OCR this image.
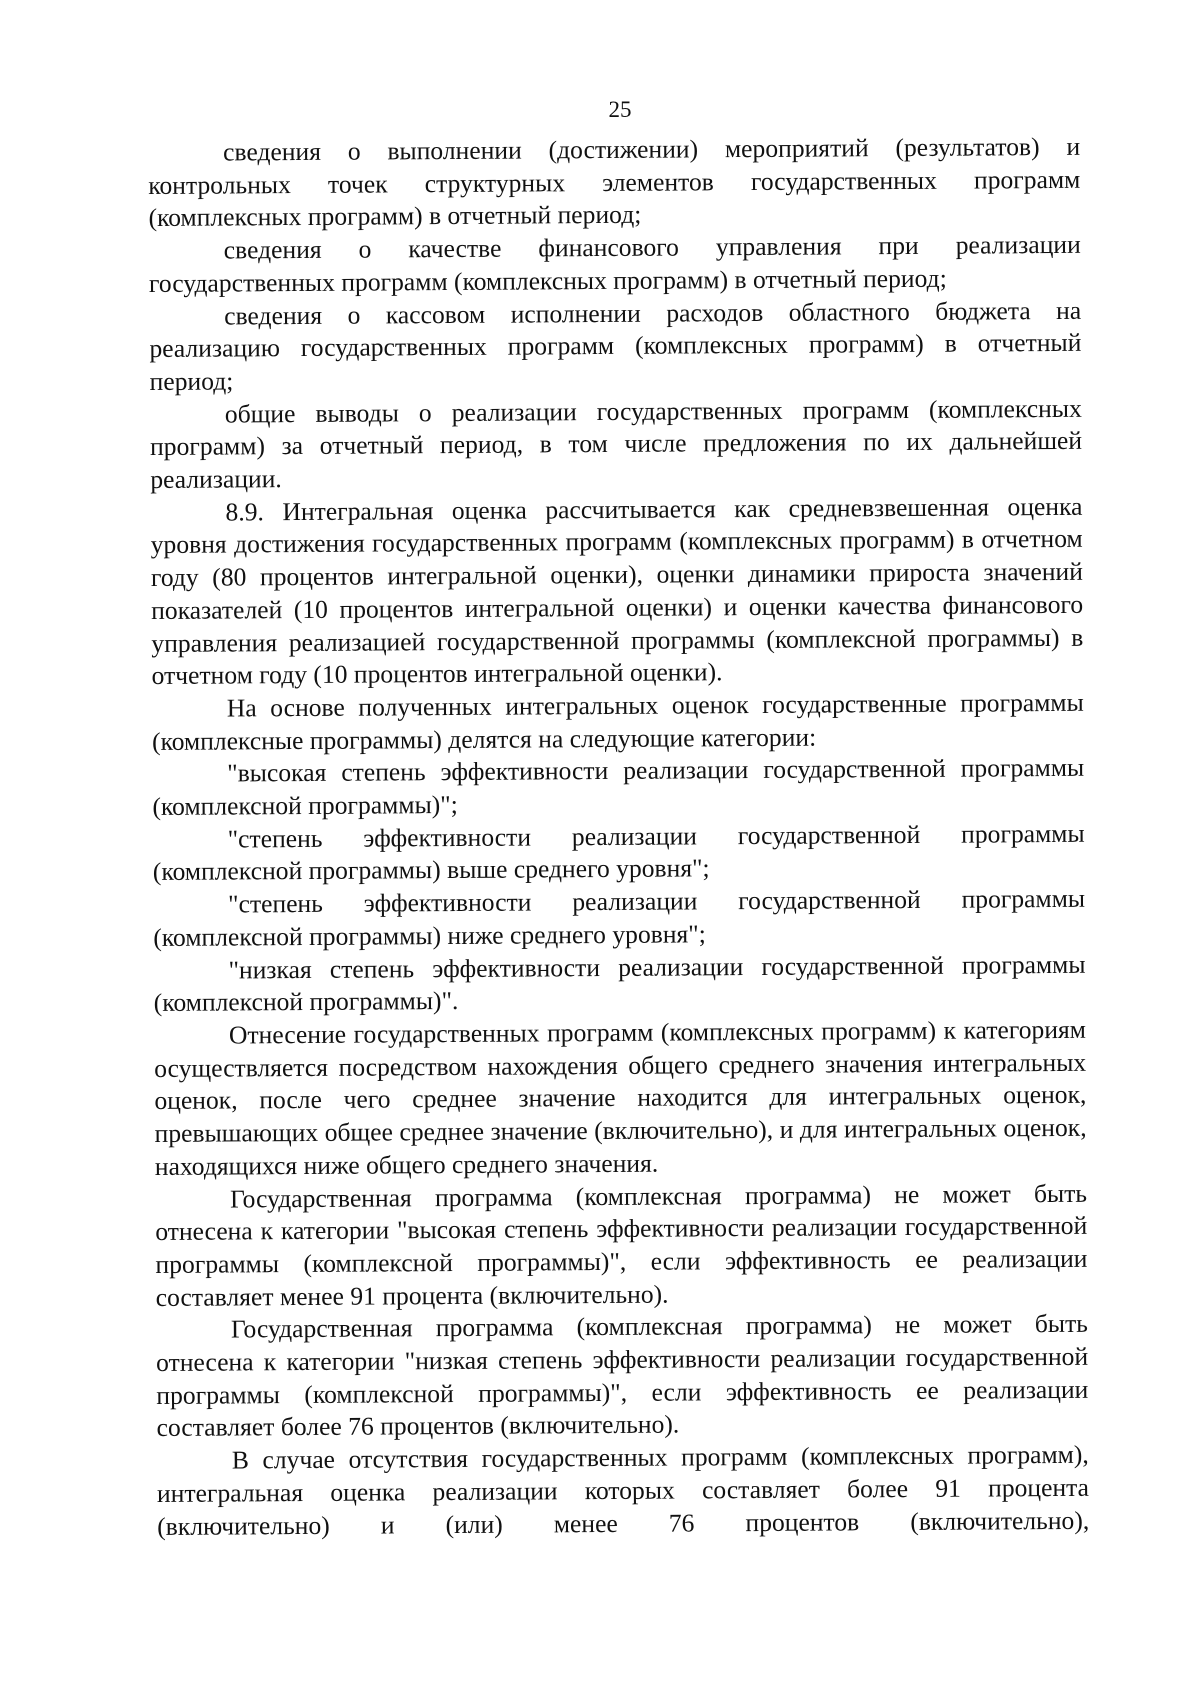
25

сведения о выполнении (достижении) мероприятий (результатов) и контрольных точек структурных элементов государственных программ (комплексных программ) в отчетный период;

сведения о качестве финансового управления при реализации государственных программ (комплексных программ) в отчетный период;

сведения о кассовом исполнении расходов областного бюджета на реализацию государственных программ (комплексных программ) в отчетный период;

общие выводы о реализации государственных программ (комплексных программ) за отчетный период, в том числе предложения по их дальнейшей реализации.

8.9. Интегральная оценка рассчитывается как средневзвешенная оценка уровня достижения государственных программ (комплексных программ) в отчетном году (80 процентов интегральной оценки), оценки динамики прироста значений показателей (10 процентов интегральной оценки) и оценки качества финансового управления реализацией государственной программы (комплексной программы) в отчетном году (10 процентов интегральной оценки).

На основе полученных интегральных оценок государственные программы (комплексные программы) делятся на следующие категории:

"высокая степень эффективности реализации государственной программы (комплексной программы)";

"степень эффективности реализации государственной программы (комплексной программы) выше среднего уровня";

"степень эффективности реализации государственной программы (комплексной программы) ниже среднего уровня";

"низкая степень эффективности реализации государственной программы (комплексной программы)".

Отнесение государственных программ (комплексных программ) к категориям осуществляется посредством нахождения общего среднего значения интегральных оценок, после чего среднее значение находится для интегральных оценок, превышающих общее среднее значение (включительно), и для интегральных оценок, находящихся ниже общего среднего значения.

Государственная программа (комплексная программа) не может быть отнесена к категории "высокая степень эффективности реализации государственной программы (комплексной программы)", если эффективность ее реализации составляет менее 91 процента (включительно).

Государственная программа (комплексная программа) не может быть отнесена к категории "низкая степень эффективности реализации государственной программы (комплексной программы)", если эффективность ее реализации составляет более 76 процентов (включительно).

В случае отсутствия государственных программ (комплексных программ), интегральная оценка реализации которых составляет более 91 процента (включительно) и (или) менее 76 процентов (включительно),
